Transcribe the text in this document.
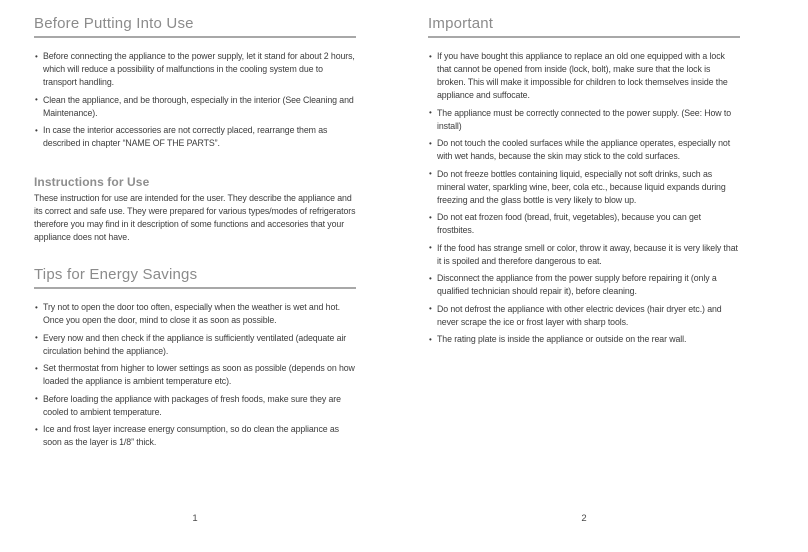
Before Putting Into Use
• Before connecting the appliance to the power supply, let it stand for about 2 hours, which will reduce a possibility of malfunctions in the cooling system due to transport handling.
• Clean the appliance, and be thorough, especially in the interior (See Cleaning and Maintenance).
• In case the interior accessories are not correctly placed, rearrange them as described in chapter “NAME OF THE PARTS”.
Instructions for Use
These instruction for use are intended for the user. They describe the appliance and its correct and safe use. They were prepared for various types/modes of refrigerators therefore you may find in it description of some functions and accesories that your appliance does not have.
Tips for Energy Savings
• Try not to open the door too often, especially when the weather is wet and hot. Once you open the door, mind to close it as soon as possible.
• Every now and then check if the appliance is sufficiently ventilated (adequate air circulation behind the appliance).
• Set thermostat from higher to lower settings as soon as possible (depends on how loaded the appliance is ambient temperature etc).
• Before loading the appliance with packages of fresh foods, make sure they are cooled to ambient temperature.
• Ice and frost layer increase energy consumption, so do clean the appliance as soon as the layer is 1/8” thick.
1
Important
• If you have bought this appliance to replace an old one equipped with a lock that cannot be opened from inside (lock, bolt), make sure that the lock is broken. This will make it impossible for children to lock themselves inside the appliance and suffocate.
• The appliance must be correctly connected to the power supply. (See: How to install)
• Do not touch the cooled surfaces while the appliance operates, especially not with wet hands, because the skin may stick to the cold surfaces.
• Do not freeze bottles containing liquid, especially not soft drinks, such as mineral water, sparkling wine, beer, cola etc., because liquid expands during freezing and the glass bottle is very likely to blow up.
• Do not eat frozen food (bread, fruit, vegetables), because you can get frostbites.
• If the food has strange smell or color, throw it away, because it is very likely that it is spoiled and therefore dangerous to eat.
• Disconnect the appliance from the power supply before repairing it (only a qualified technician should repair it), before cleaning.
• Do not defrost the appliance with other electric devices (hair dryer etc.) and never scrape the ice or frost layer with sharp tools.
• The rating plate is inside the appliance or outside on the rear wall.
2
